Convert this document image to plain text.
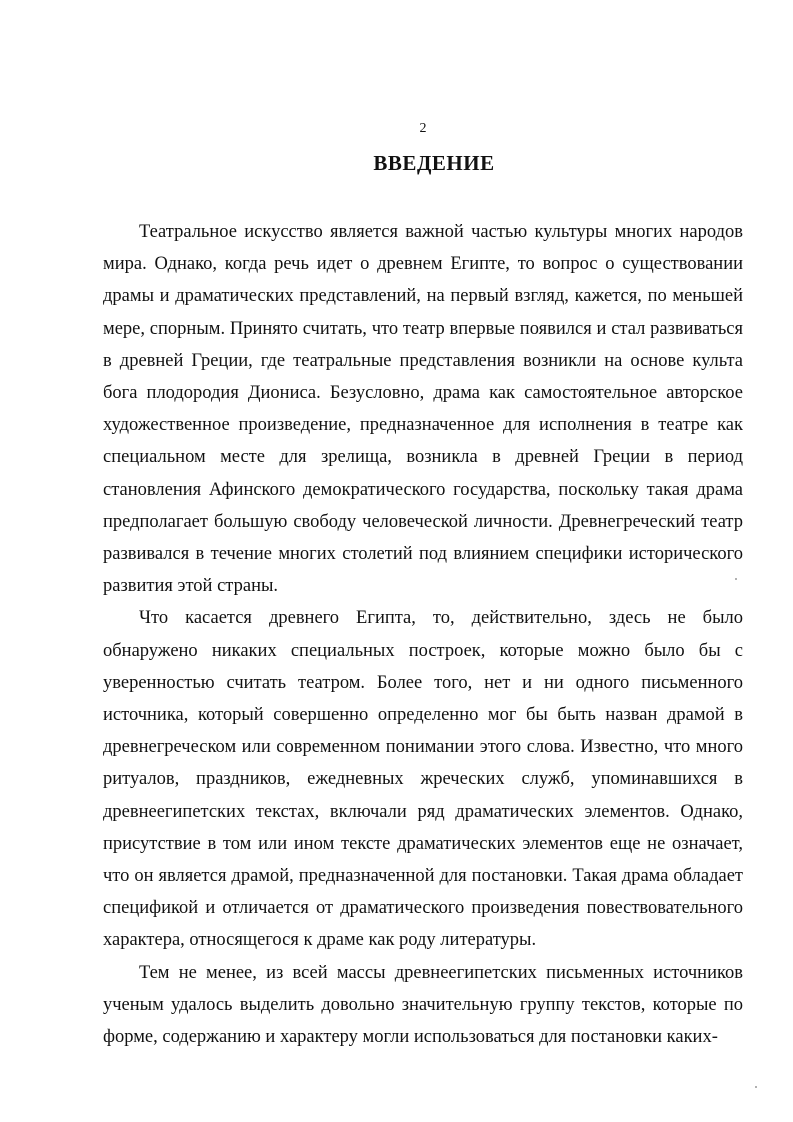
2
ВВЕДЕНИЕ

Театральное искусство является важной частью культуры многих народов мира. Однако, когда речь идет о древнем Египте, то вопрос о существовании драмы и драматических представлений, на первый взгляд, кажется, по меньшей мере, спорным. Принято считать, что театр впервые появился и стал развиваться в древней Греции, где театральные представления возникли на основе культа бога плодородия Диониса. Безусловно, драма как самостоятельное авторское художественное произведение, предназначенное для исполнения в театре как специальном месте для зрелища, возникла в древней Греции в период становления Афинского демократического государства, поскольку такая драма предполагает большую свободу человеческой личности. Древнегреческий театр развивался в течение многих столетий под влиянием специфики исторического развития этой страны.

Что касается древнего Египта, то, действительно, здесь не было обнаружено никаких специальных построек, которые можно было бы с уверенностью считать театром. Более того, нет и ни одного письменного источника, который совершенно определенно мог бы быть назван драмой в древнегреческом или современном понимании этого слова. Известно, что много ритуалов, праздников, ежедневных жреческих служб, упоминавшихся в древнеегипетских текстах, включали ряд драматических элементов. Однако, присутствие в том или ином тексте драматических элементов еще не означает, что он является драмой, предназначенной для постановки. Такая драма обладает спецификой и отличается от драматического произведения повествовательного характера, относящегося к драме как роду литературы.

Тем не менее, из всей массы древнеегипетских письменных источников ученым удалось выделить довольно значительную группу текстов, которые по форме, содержанию и характеру могли использоваться для постановки каких-
